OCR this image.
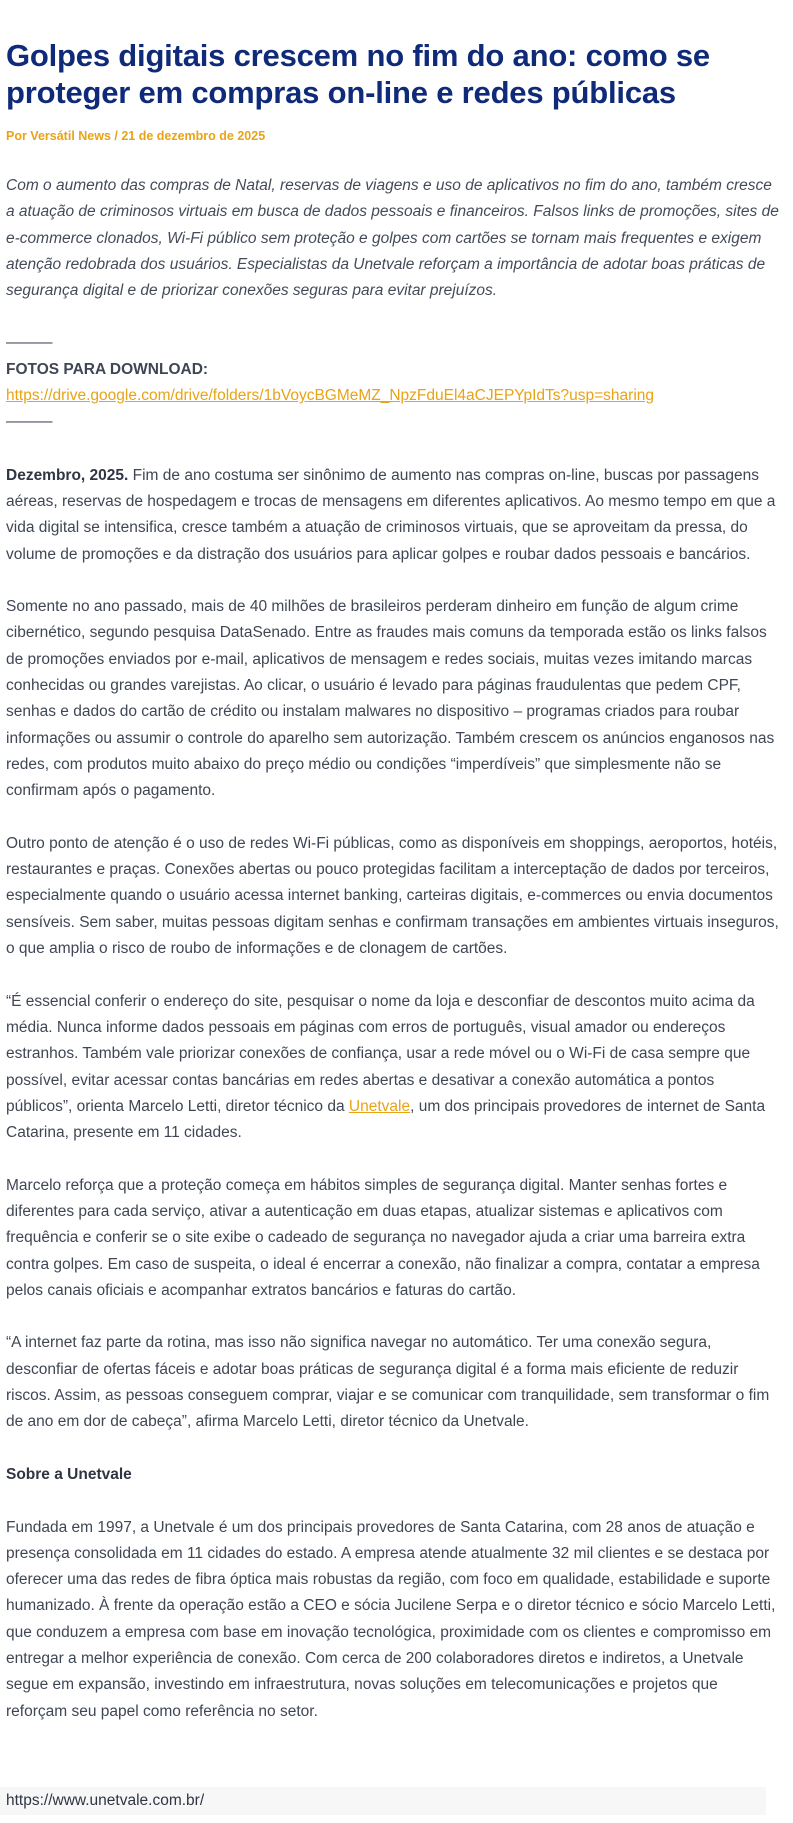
Golpes digitais crescem no fim do ano: como se proteger em compras on-line e redes públicas
Por Versátil News / 21 de dezembro de 2025

Com o aumento das compras de Natal, reservas de viagens e uso de aplicativos no fim do ano, também cresce a atuação de criminosos virtuais em busca de dados pessoais e financeiros. Falsos links de promoções, sites de e-commerce clonados, Wi-Fi público sem proteção e golpes com cartões se tornam mais frequentes e exigem atenção redobrada dos usuários. Especialistas da Unetvale reforçam a importância de adotar boas práticas de segurança digital e de priorizar conexões seguras para evitar prejuízos.

———
FOTOS PARA DOWNLOAD:
https://drive.google.com/drive/folders/1bVoycBGMeMZ_NpzFduEl4aCJEPYpIdTs?usp=sharing
———

Dezembro, 2025. Fim de ano costuma ser sinônimo de aumento nas compras on-line, buscas por passagens aéreas, reservas de hospedagem e trocas de mensagens em diferentes aplicativos. Ao mesmo tempo em que a vida digital se intensifica, cresce também a atuação de criminosos virtuais, que se aproveitam da pressa, do volume de promoções e da distração dos usuários para aplicar golpes e roubar dados pessoais e bancários.

Somente no ano passado, mais de 40 milhões de brasileiros perderam dinheiro em função de algum crime cibernético, segundo pesquisa DataSenado. Entre as fraudes mais comuns da temporada estão os links falsos de promoções enviados por e-mail, aplicativos de mensagem e redes sociais, muitas vezes imitando marcas conhecidas ou grandes varejistas. Ao clicar, o usuário é levado para páginas fraudulentas que pedem CPF, senhas e dados do cartão de crédito ou instalam malwares no dispositivo – programas criados para roubar informações ou assumir o controle do aparelho sem autorização. Também crescem os anúncios enganosos nas redes, com produtos muito abaixo do preço médio ou condições “imperdíveis” que simplesmente não se confirmam após o pagamento.

Outro ponto de atenção é o uso de redes Wi-Fi públicas, como as disponíveis em shoppings, aeroportos, hotéis, restaurantes e praças. Conexões abertas ou pouco protegidas facilitam a interceptação de dados por terceiros, especialmente quando o usuário acessa internet banking, carteiras digitais, e-commerces ou envia documentos sensíveis. Sem saber, muitas pessoas digitam senhas e confirmam transações em ambientes virtuais inseguros, o que amplia o risco de roubo de informações e de clonagem de cartões.

“É essencial conferir o endereço do site, pesquisar o nome da loja e desconfiar de descontos muito acima da média. Nunca informe dados pessoais em páginas com erros de português, visual amador ou endereços estranhos. Também vale priorizar conexões de confiança, usar a rede móvel ou o Wi-Fi de casa sempre que possível, evitar acessar contas bancárias em redes abertas e desativar a conexão automática a pontos públicos”, orienta Marcelo Letti, diretor técnico da Unetvale, um dos principais provedores de internet de Santa Catarina, presente em 11 cidades.

Marcelo reforça que a proteção começa em hábitos simples de segurança digital. Manter senhas fortes e diferentes para cada serviço, ativar a autenticação em duas etapas, atualizar sistemas e aplicativos com frequência e conferir se o site exibe o cadeado de segurança no navegador ajuda a criar uma barreira extra contra golpes. Em caso de suspeita, o ideal é encerrar a conexão, não finalizar a compra, contatar a empresa pelos canais oficiais e acompanhar extratos bancários e faturas do cartão.

“A internet faz parte da rotina, mas isso não significa navegar no automático. Ter uma conexão segura, desconfiar de ofertas fáceis e adotar boas práticas de segurança digital é a forma mais eficiente de reduzir riscos. Assim, as pessoas conseguem comprar, viajar e se comunicar com tranquilidade, sem transformar o fim de ano em dor de cabeça”, afirma Marcelo Letti, diretor técnico da Unetvale.

Sobre a Unetvale

Fundada em 1997, a Unetvale é um dos principais provedores de Santa Catarina, com 28 anos de atuação e presença consolidada em 11 cidades do estado. A empresa atende atualmente 32 mil clientes e se destaca por oferecer uma das redes de fibra óptica mais robustas da região, com foco em qualidade, estabilidade e suporte humanizado. À frente da operação estão a CEO e sócia Jucilene Serpa e o diretor técnico e sócio Marcelo Letti, que conduzem a empresa com base em inovação tecnológica, proximidade com os clientes e compromisso em entregar a melhor experiência de conexão. Com cerca de 200 colaboradores diretos e indiretos, a Unetvale segue em expansão, investindo em infraestrutura, novas soluções em telecomunicações e projetos que reforçam seu papel como referência no setor.

https://www.unetvale.com.br/
